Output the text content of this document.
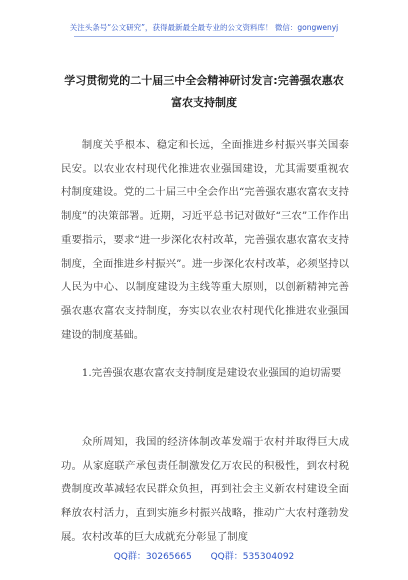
关注头条号“公文研究”，获得最新最全最专业的公文资料库！ 微信：gongwenyj
学习贯彻党的二十届三中全会精神研讨发言:完善强农惠农
富农支持制度
制度关乎根本、稳定和长远，全面推进乡村振兴事关国泰民安。以农业农村现代化推进农业强国建设，尤其需要重视农村制度建设。党的二十届三中全会作出“完善强农惠农富农支持制度”的决策部署。近期，习近平总书记对做好“三农”工作作出重要指示，要求“进一步深化农村改革，完善强农惠农富农支持制度，全面推进乡村振兴”。进一步深化农村改革，必须坚持以人民为中心、以制度建设为主线等重大原则，以创新精神完善强农惠农富农支持制度，夯实以农业农村现代化推进农业强国建设的制度基础。
1.完善强农惠农富农支持制度是建设农业强国的迫切需要
众所周知，我国的经济体制改革发端于农村并取得巨大成功。从家庭联产承包责任制激发亿万农民的积极性，到农村税费制度改革减轻农民群众负担，再到社会主义新农村建设全面释放农村活力，直到实施乡村振兴战略，推动广大农村蓬勃发展。农村改革的巨大成就充分彰显了制度
QQ群：30265665 QQ群：535304092
